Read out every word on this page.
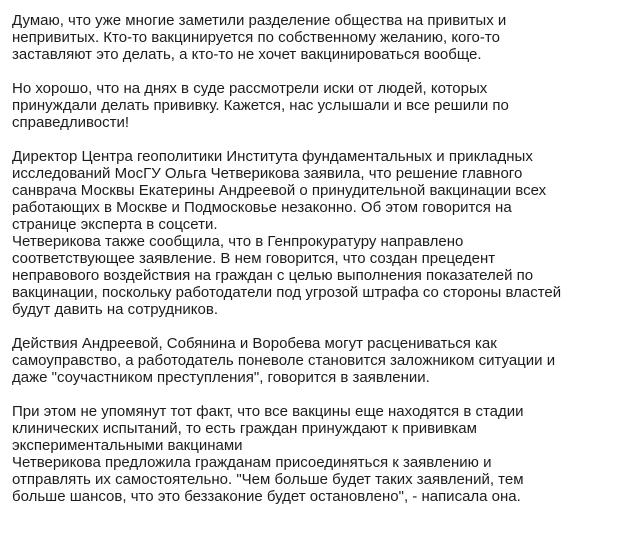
Думаю, что уже многие заметили разделение общества на привитых и
непривитых. Кто-то вакцинируется по собственному желанию, кого-то
заставляют это делать, а кто-то не хочет вакцинироваться вообще.

Но хорошо, что на днях в суде рассмотрели иски от людей, которых
принуждали делать прививку. Кажется, нас услышали и все решили по
справедливости!

Директор Центра геополитики Института фундаментальных и прикладных
исследований МосГУ Ольга Четверикова заявила, что решение главного
санврача Москвы Екатерины Андреевой о принудительной вакцинации всех
работающих в Москве и Подмосковье незаконно. Об этом говорится на
странице эксперта в соцсети.
Четверикова также сообщила, что в Генпрокуратуру направлено
соответствующее заявление. В нем говорится, что создан прецедент
неправового воздействия на граждан с целью выполнения показателей по
вакцинации, поскольку работодатели под угрозой штрафа со стороны властей
будут давить на сотрудников.

Действия Андреевой, Собянина и Воробева могут расцениваться как
самоуправство, а работодатель поневоле становится заложником ситуации и
даже "соучастником преступления", говорится в заявлении.

При этом не упомянут тот факт, что все вакцины еще находятся в стадии
клинических испытаний, то есть граждан принуждают к прививкам
экспериментальными вакцинами
Четверикова предложила гражданам присоединяться к заявлению и
отправлять их самостоятельно. "Чем больше будет таких заявлений, тем
больше шансов, что это беззаконие будет остановлено", - написала она.
